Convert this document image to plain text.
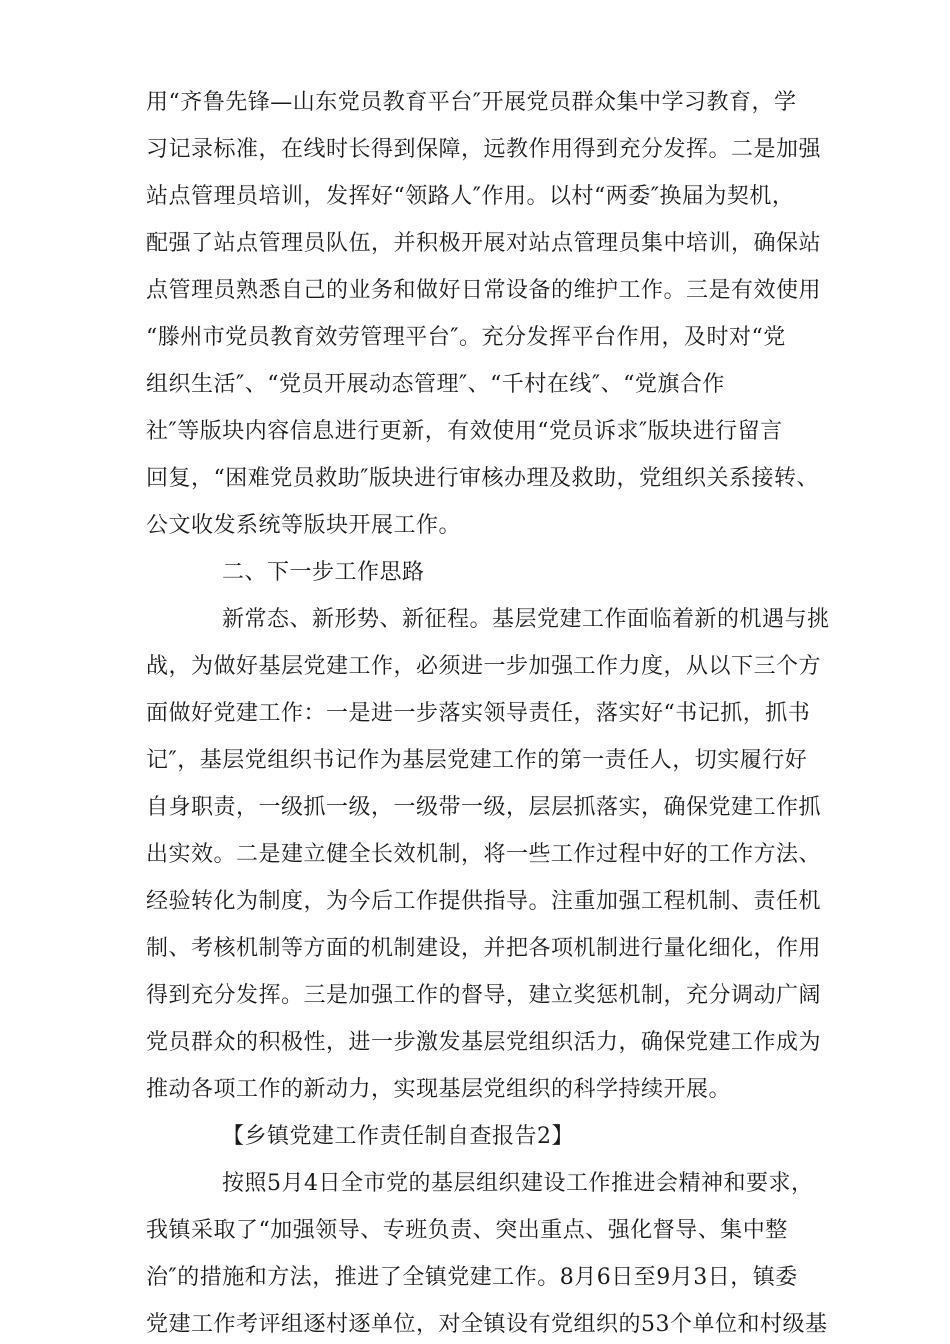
用“齐鲁先锋—山东党员教育平台″开展党员群众集中学习教育，学
习记录标准，在线时长得到保障，远教作用得到充分发挥。二是加强
站点管理员培训，发挥好“领路人″作用。以村“两委″换届为契机，
配强了站点管理员队伍，并积极开展对站点管理员集中培训，确保站
点管理员熟悉自己的业务和做好日常设备的维护工作。三是有效使用
“滕州市党员教育效劳管理平台″。充分发挥平台作用，及时对“党
组织生活″、“党员开展动态管理″、“千村在线″、“党旗合作
社″等版块内容信息进行更新，有效使用“党员诉求″版块进行留言
回复，“困难党员救助″版块进行审核办理及救助，党组织关系接转、
公文收发系统等版块开展工作。
二、下一步工作思路
新常态、新形势、新征程。基层党建工作面临着新的机遇与挑
战，为做好基层党建工作，必须进一步加强工作力度，从以下三个方
面做好党建工作：一是进一步落实领导责任，落实好“书记抓，抓书
记″，基层党组织书记作为基层党建工作的第一责任人，切实履行好
自身职责，一级抓一级，一级带一级，层层抓落实，确保党建工作抓
出实效。二是建立健全长效机制，将一些工作过程中好的工作方法、
经验转化为制度，为今后工作提供指导。注重加强工程机制、责任机
制、考核机制等方面的机制建设，并把各项机制进行量化细化，作用
得到充分发挥。三是加强工作的督导，建立奖惩机制，充分调动广阔
党员群众的积极性，进一步激发基层党组织活力，确保党建工作成为
推动各项工作的新动力，实现基层党组织的科学持续开展。
【乡镇党建工作责任制自查报告2】
按照5月4日全市党的基层组织建设工作推进会精神和要求，
我镇采取了“加强领导、专班负责、突出重点、强化督导、集中整
治″的措施和方法，推进了全镇党建工作。8月6日至9月3日，镇委
党建工作考评组逐村逐单位，对全镇设有党组织的53个单位和村级基
